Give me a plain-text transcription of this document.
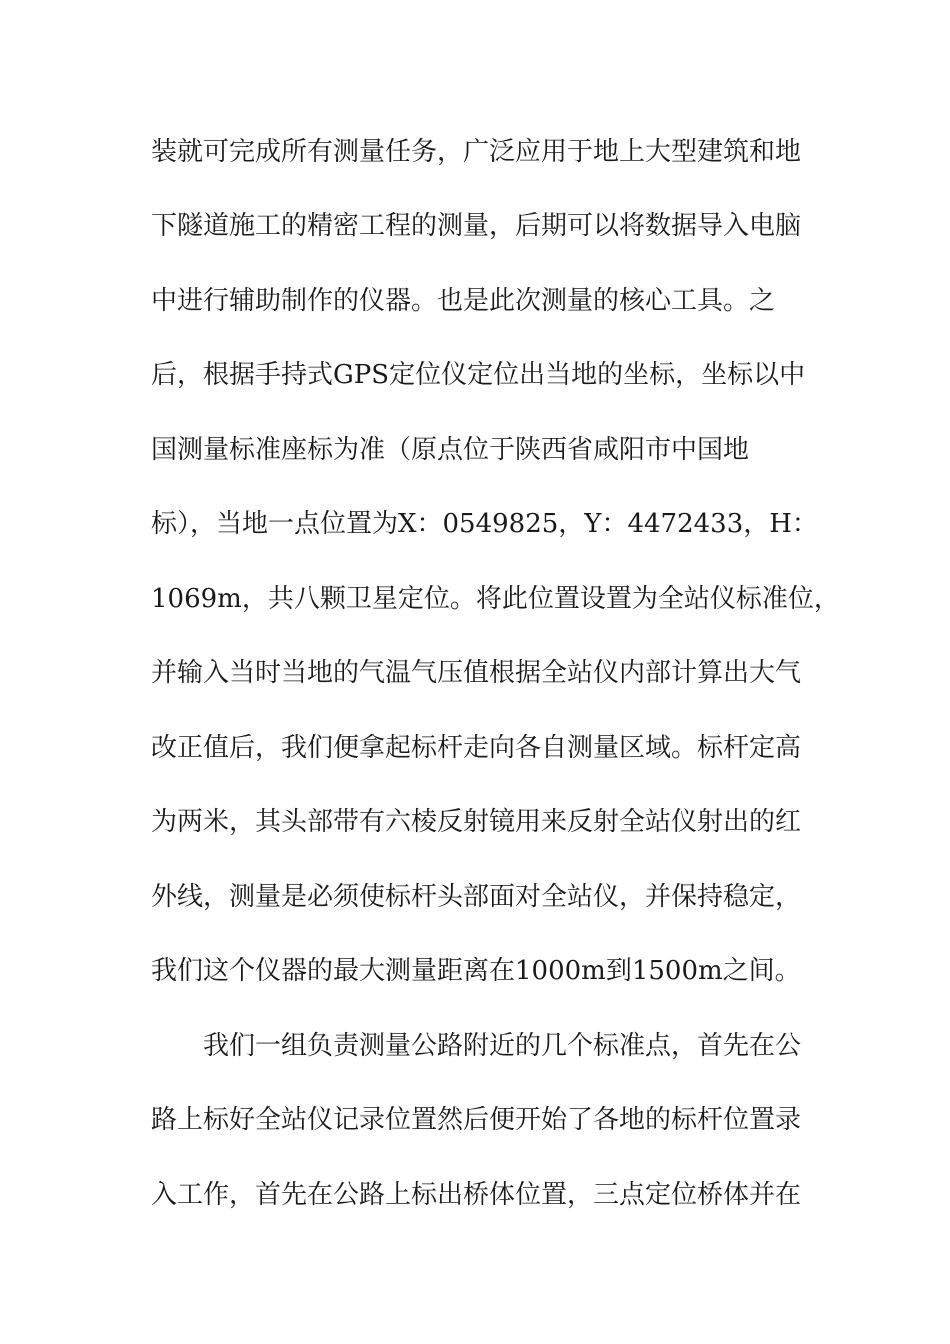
装就可完成所有测量任务，广泛应用于地上大型建筑和地
下隧道施工的精密工程的测量，后期可以将数据导入电脑
中进行辅助制作的仪器。也是此次测量的核心工具。之
后，根据手持式GPS定位仪定位出当地的坐标，坐标以中
国测量标准座标为准（原点位于陕西省咸阳市中国地
标），当地一点位置为X：0549825，Y：4472433，H：
1069m，共八颗卫星定位。将此位置设置为全站仪标准位，
并输入当时当地的气温气压值根据全站仪内部计算出大气
改正值后，我们便拿起标杆走向各自测量区域。标杆定高
为两米，其头部带有六棱反射镜用来反射全站仪射出的红
外线，测量是必须使标杆头部面对全站仪，并保持稳定，
我们这个仪器的最大测量距离在1000m到1500m之间。
我们一组负责测量公路附近的几个标准点，首先在公
路上标好全站仪记录位置然后便开始了各地的标杆位置录
入工作，首先在公路上标出桥体位置，三点定位桥体并在
